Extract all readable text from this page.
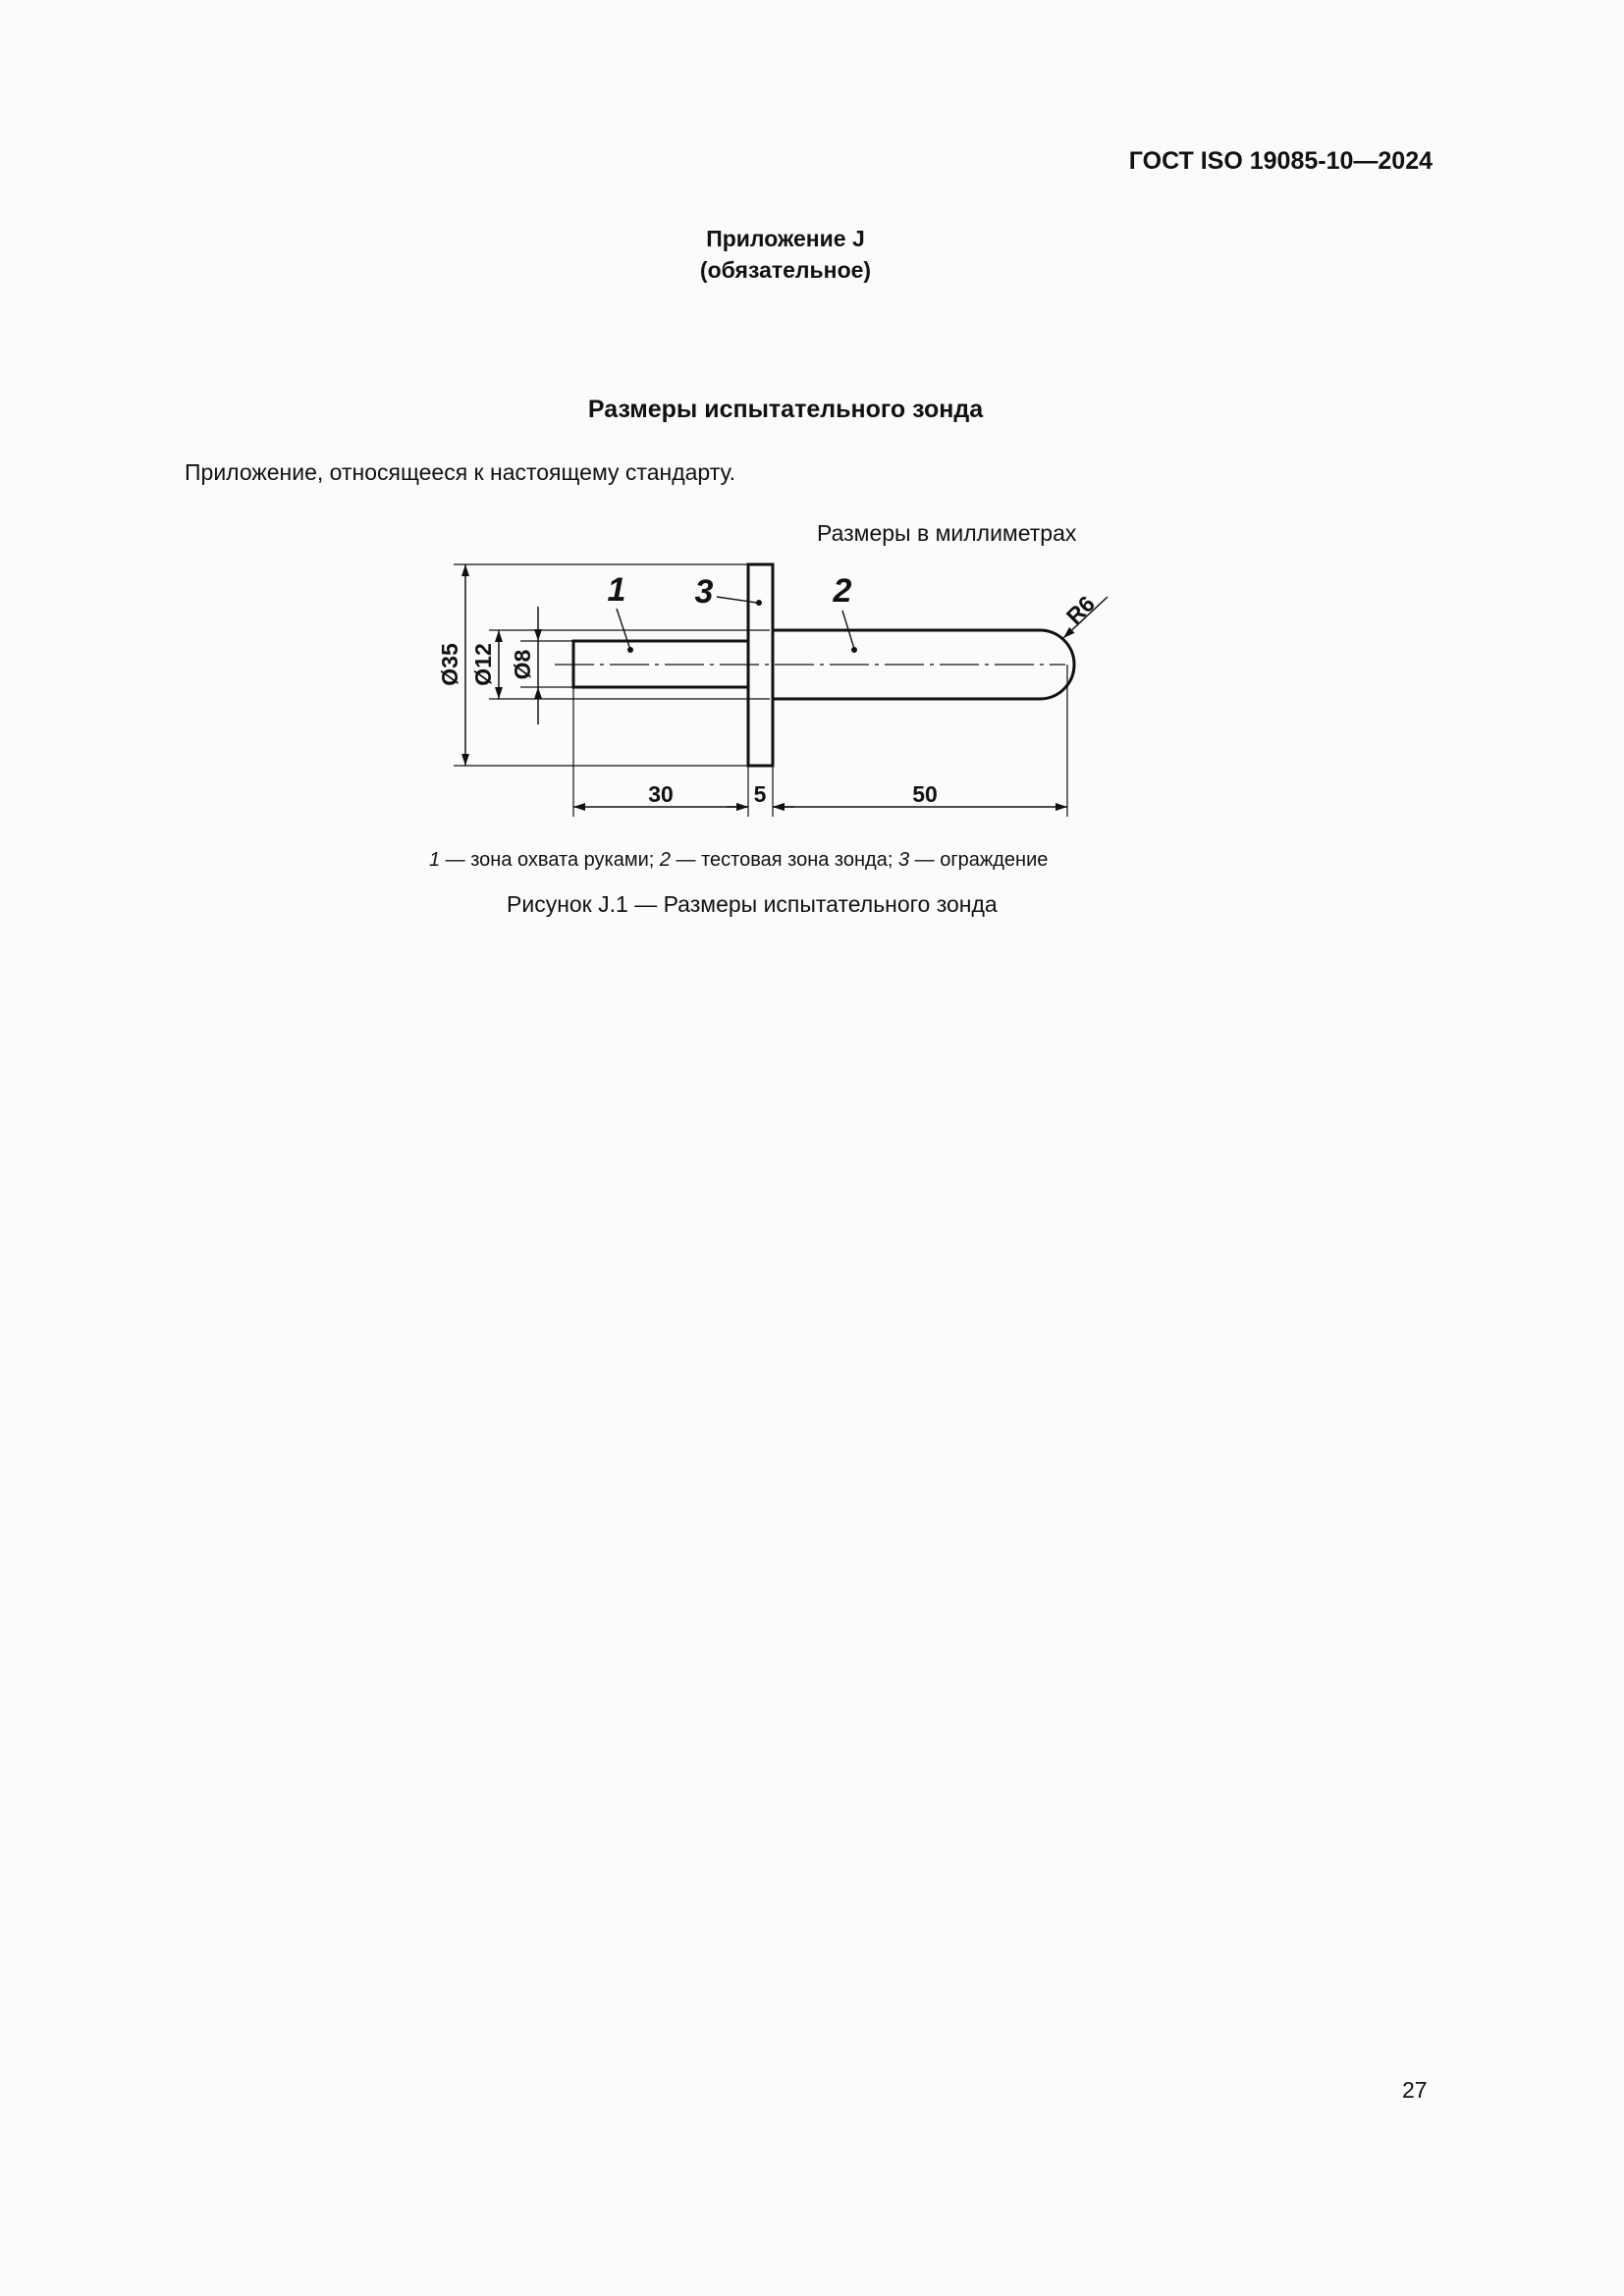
ГОСТ ISO 19085-10—2024
Приложение J
(обязательное)
Размеры испытательного зонда
Приложение, относящееся к настоящему стандарту.
Размеры в миллиметрах
Ø35 Ø12 Ø8
30	5	50
R6
1 3	2
1 — зона охвата руками; 2 — тестовая зона зонда; 3 — ограждение
Рисунок J.1 — Размеры испытательного зонда
27
